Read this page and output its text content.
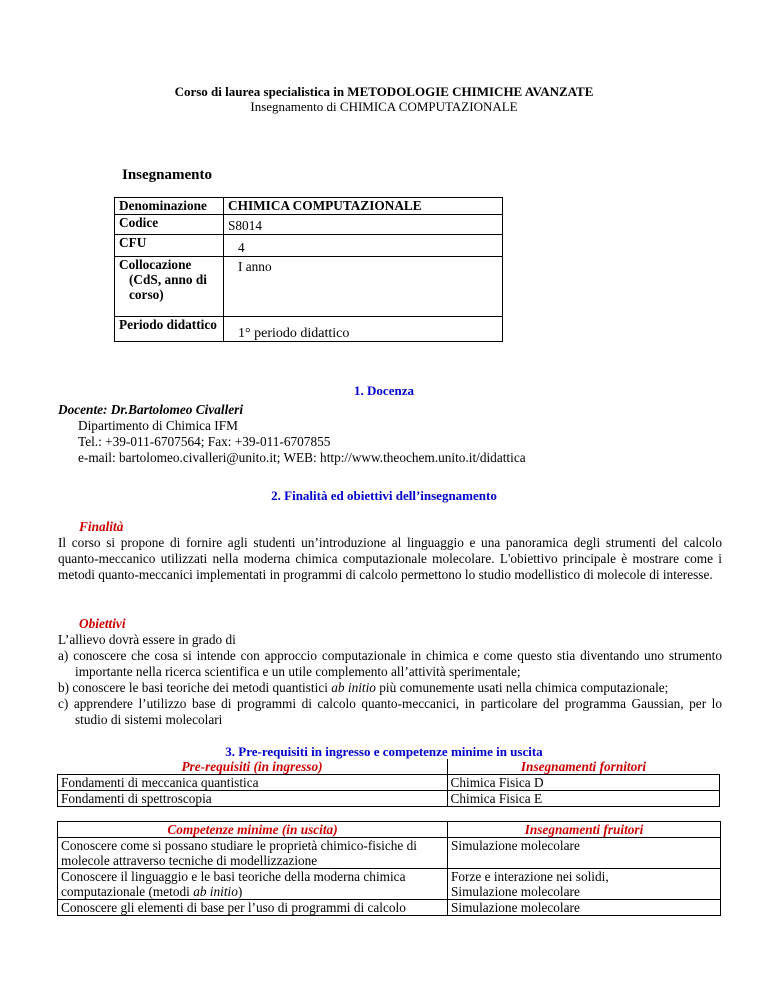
Corso di laurea specialistica in METODOLOGIE CHIMICHE AVANZATE
Insegnamento di CHIMICA COMPUTAZIONALE
Insegnamento
Denominazione	CHIMICA COMPUTAZIONALE
Codice	S8014
CFU	4
Collocazione
(CdS, anno di corso)	I anno
Periodo didattico	1° periodo didattico
1. Docenza
Docente: Dr.Bartolomeo Civalleri
Dipartimento di Chimica IFM
Tel.: +39-011-6707564; Fax: +39-011-6707855
e-mail: bartolomeo.civalleri@unito.it; WEB: http://www.theochem.unito.it/didattica
2. Finalità ed obiettivi dell’insegnamento
Finalità
Il corso si propone di fornire agli studenti un’introduzione al linguaggio e una panoramica degli strumenti del calcolo quanto-meccanico utilizzati nella moderna chimica computazionale molecolare. L'obiettivo principale è mostrare come i metodi quanto-meccanici implementati in programmi di calcolo permettono lo studio modellistico di molecole di interesse.
Obiettivi
L’allievo dovrà essere in grado di
a) conoscere che cosa si intende con approccio computazionale in chimica e come questo stia diventando uno strumento importante nella ricerca scientifica e un utile complemento all’attività sperimentale;
b) conoscere le basi teoriche dei metodi quantistici ab initio più comunemente usati nella chimica computazionale;
c) apprendere l’utilizzo base di programmi di calcolo quanto-meccanici, in particolare del programma Gaussian, per lo studio di sistemi molecolari
3. Pre-requisiti in ingresso e competenze minime in uscita
Pre-requisiti (in ingresso)	Insegnamenti fornitori
Fondamenti di meccanica quantistica	Chimica Fisica D
Fondamenti di spettroscopia	Chimica Fisica E
Competenze minime (in uscita)	Insegnamenti fruitori
Conoscere come si possano studiare le proprietà chimico-fisiche di molecole attraverso tecniche di modellizzazione	Simulazione molecolare
Conoscere il linguaggio e le basi teoriche della moderna chimica computazionale (metodi ab initio)	Forze e interazione nei solidi,
Simulazione molecolare

Conoscere gli elementi di base per l’uso di programmi di calcolo	Simulazione molecolare
